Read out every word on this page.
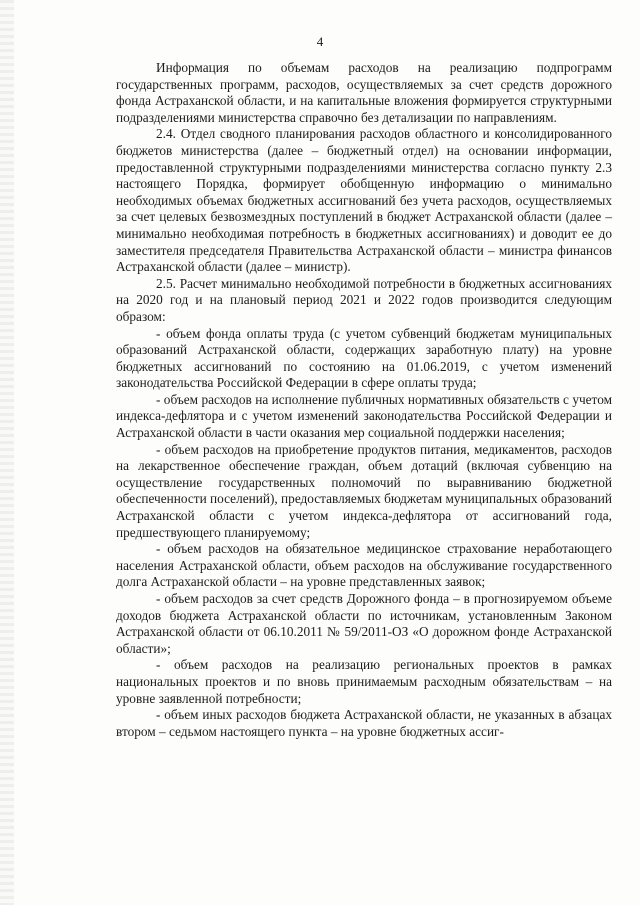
4

Информация по объемам расходов на реализацию подпрограмм государственных программ, расходов, осуществляемых за счет средств дорожного фонда Астраханской области, и на капитальные вложения формируется структурными подразделениями министерства справочно без детализации по направлениям.

2.4. Отдел сводного планирования расходов областного и консолидированного бюджетов министерства (далее – бюджетный отдел) на основании информации, предоставленной структурными подразделениями министерства согласно пункту 2.3 настоящего Порядка, формирует обобщенную информацию о минимально необходимых объемах бюджетных ассигнований без учета расходов, осуществляемых за счет целевых безвозмездных поступлений в бюджет Астраханской области (далее – минимально необходимая потребность в бюджетных ассигнованиях) и доводит ее до заместителя председателя Правительства Астраханской области – министра финансов Астраханской области (далее – министр).

2.5. Расчет минимально необходимой потребности в бюджетных ассигнованиях на 2020 год и на плановый период 2021 и 2022 годов производится следующим образом:

- объем фонда оплаты труда (с учетом субвенций бюджетам муниципальных образований Астраханской области, содержащих заработную плату) на уровне бюджетных ассигнований по состоянию на 01.06.2019, с учетом изменений законодательства Российской Федерации в сфере оплаты труда;

- объем расходов на исполнение публичных нормативных обязательств с учетом индекса-дефлятора и с учетом изменений законодательства Российской Федерации и Астраханской области в части оказания мер социальной поддержки населения;

- объем расходов на приобретение продуктов питания, медикаментов, расходов на лекарственное обеспечение граждан, объем дотаций (включая субвенцию на осуществление государственных полномочий по выравниванию бюджетной обеспеченности поселений), предоставляемых бюджетам муниципальных образований Астраханской области с учетом индекса-дефлятора от ассигнований года, предшествующего планируемому;

- объем расходов на обязательное медицинское страхование неработающего населения Астраханской области, объем расходов на обслуживание государственного долга Астраханской области – на уровне представленных заявок;

- объем расходов за счет средств Дорожного фонда – в прогнозируемом объеме доходов бюджета Астраханской области по источникам, установленным Законом Астраханской области от 06.10.2011 № 59/2011-ОЗ «О дорожном фонде Астраханской области»;

- объем расходов на реализацию региональных проектов в рамках национальных проектов и по вновь принимаемым расходным обязательствам – на уровне заявленной потребности;

- объем иных расходов бюджета Астраханской области, не указанных в абзацах втором – седьмом настоящего пункта – на уровне бюджетных ассиг-
